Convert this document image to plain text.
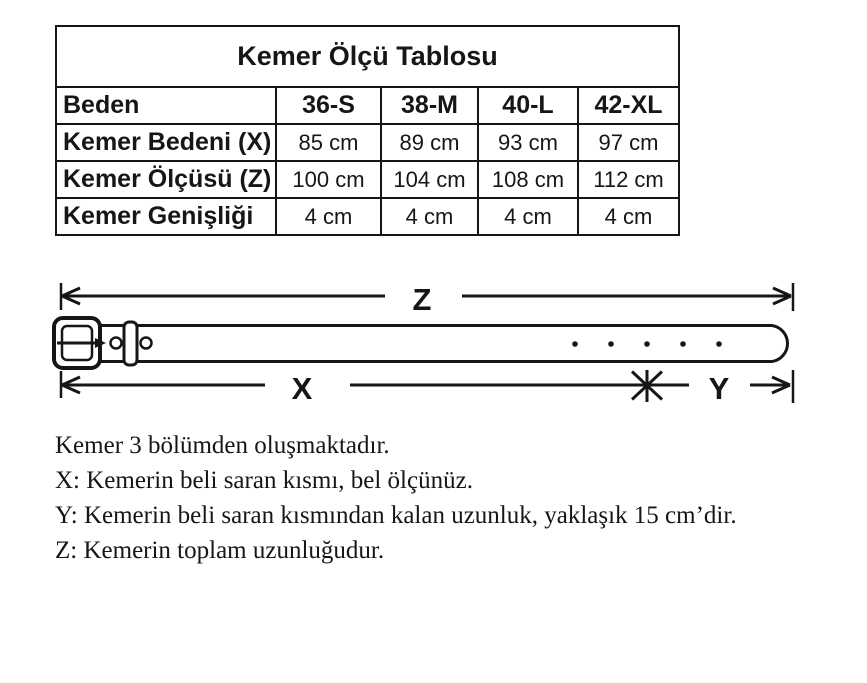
Kemer Ölçü Tablosu				
Beden	36-S	38-M	40-L	42-XL
Kemer Bedeni (X)	85 cm	89 cm	93 cm	97 cm
Kemer Ölçüsü (Z)	100 cm	104 cm	108 cm	112 cm
Kemer Genişliği	4 cm	4 cm	4 cm	4 cm
Z
X	Y
Kemer 3 bölümden oluşmaktadır.
X: Kemerin beli saran kısmı, bel ölçünüz.
Y: Kemerin beli saran kısmından kalan uzunluk, yaklaşık 15 cm’dir.
Z: Kemerin toplam uzunluğudur.
